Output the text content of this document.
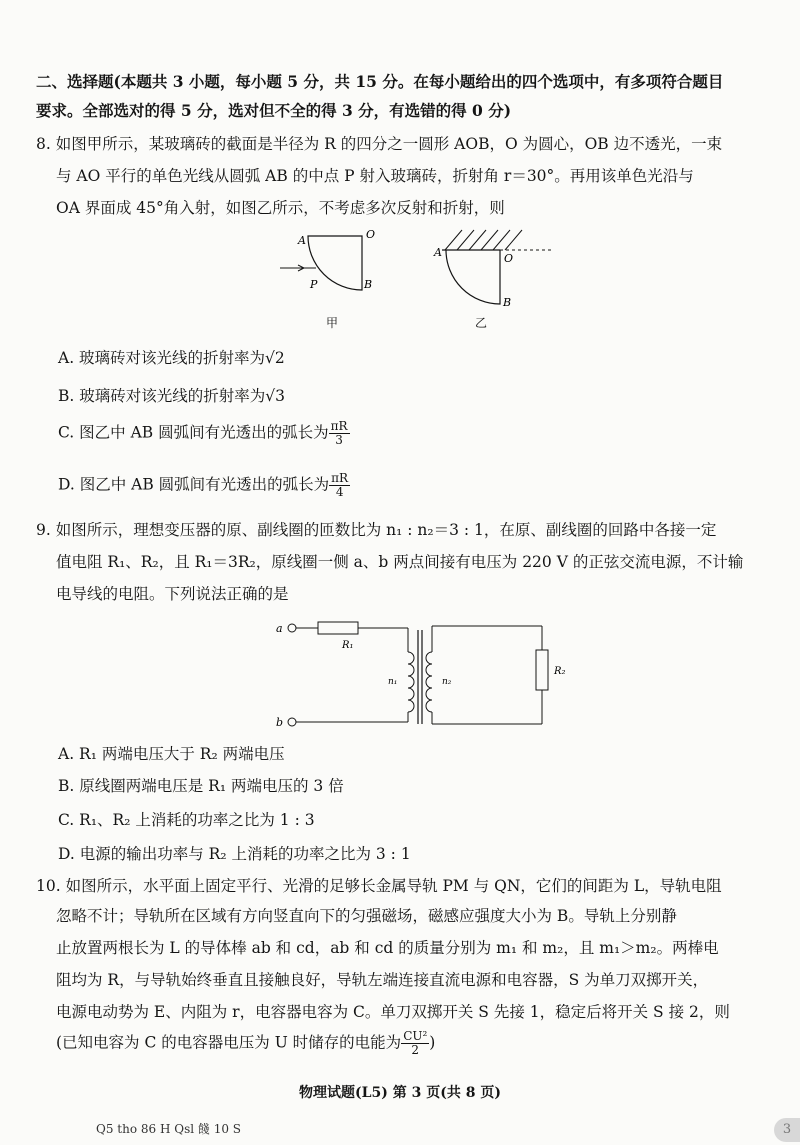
二、选择题(本题共 3 小题，每小题 5 分，共 15 分。在每小题给出的四个选项中，有多项符合题目
要求。全部选对的得 5 分，选对但不全的得 3 分，有选错的得 0 分)
8. 如图甲所示，某玻璃砖的截面是半径为 R 的四分之一圆形 AOB，O 为圆心，OB 边不透光，一束
与 AO 平行的单色光线从圆弧 AB 的中点 P 射入玻璃砖，折射角 r＝30°。再用该单色光沿与
OA 界面成 45°角入射，如图乙所示，不考虑多次反射和折射，则
A	O
P	B
A	O
B
甲	乙
A. 玻璃砖对该光线的折射率为√2
B. 玻璃砖对该光线的折射率为√3
C. 图乙中 AB 圆弧间有光透出的弧长为 $\frac{\pi R}{3}$
D. 图乙中 AB 圆弧间有光透出的弧长为 $\frac{\pi R}{4}$
9. 如图所示，理想变压器的原、副线圈的匝数比为 n₁ : n₂＝3 : 1，在原、副线圈的回路中各接一定
值电阻 R₁、R₂，且 R₁＝3R₂，原线圈一侧 a、b 两点间接有电压为 220 V 的正弦交流电源，不计输
电导线的电阻。下列说法正确的是
a
b
R₁
n₁	n₂
R₂
A. R₁ 两端电压大于 R₂ 两端电压
B. 原线圈两端电压是 R₁ 两端电压的 3 倍
C. R₁、R₂ 上消耗的功率之比为 1 : 3
D. 电源的输出功率与 R₂ 上消耗的功率之比为 3 : 1
10. 如图所示，水平面上固定平行、光滑的足够长金属导轨 PM 与 QN，它们的间距为 L，导轨电阻
忽略不计；导轨所在区域有方向竖直向下的匀强磁场，磁感应强度大小为 B。导轨上分别静
止放置两根长为 L 的导体棒 ab 和 cd，ab 和 cd 的质量分别为 m₁ 和 m₂，且 m₁＞m₂。两棒电
阻均为 R，与导轨始终垂直且接触良好，导轨左端连接直流电源和电容器，S 为单刀双掷开关，
电源电动势为 E、内阻为 r，电容器电容为 C。单刀双掷开关 S 先接 1，稳定后将开关 S 接 2，则
(已知电容为 C 的电容器电压为 U 时储存的电能为 $\frac{\text{CU²}}{2}$ )
物理试题(L5) 第 3 页(共 8 页)
Q5 tho 86 H Qsl 餞 10 S	3
